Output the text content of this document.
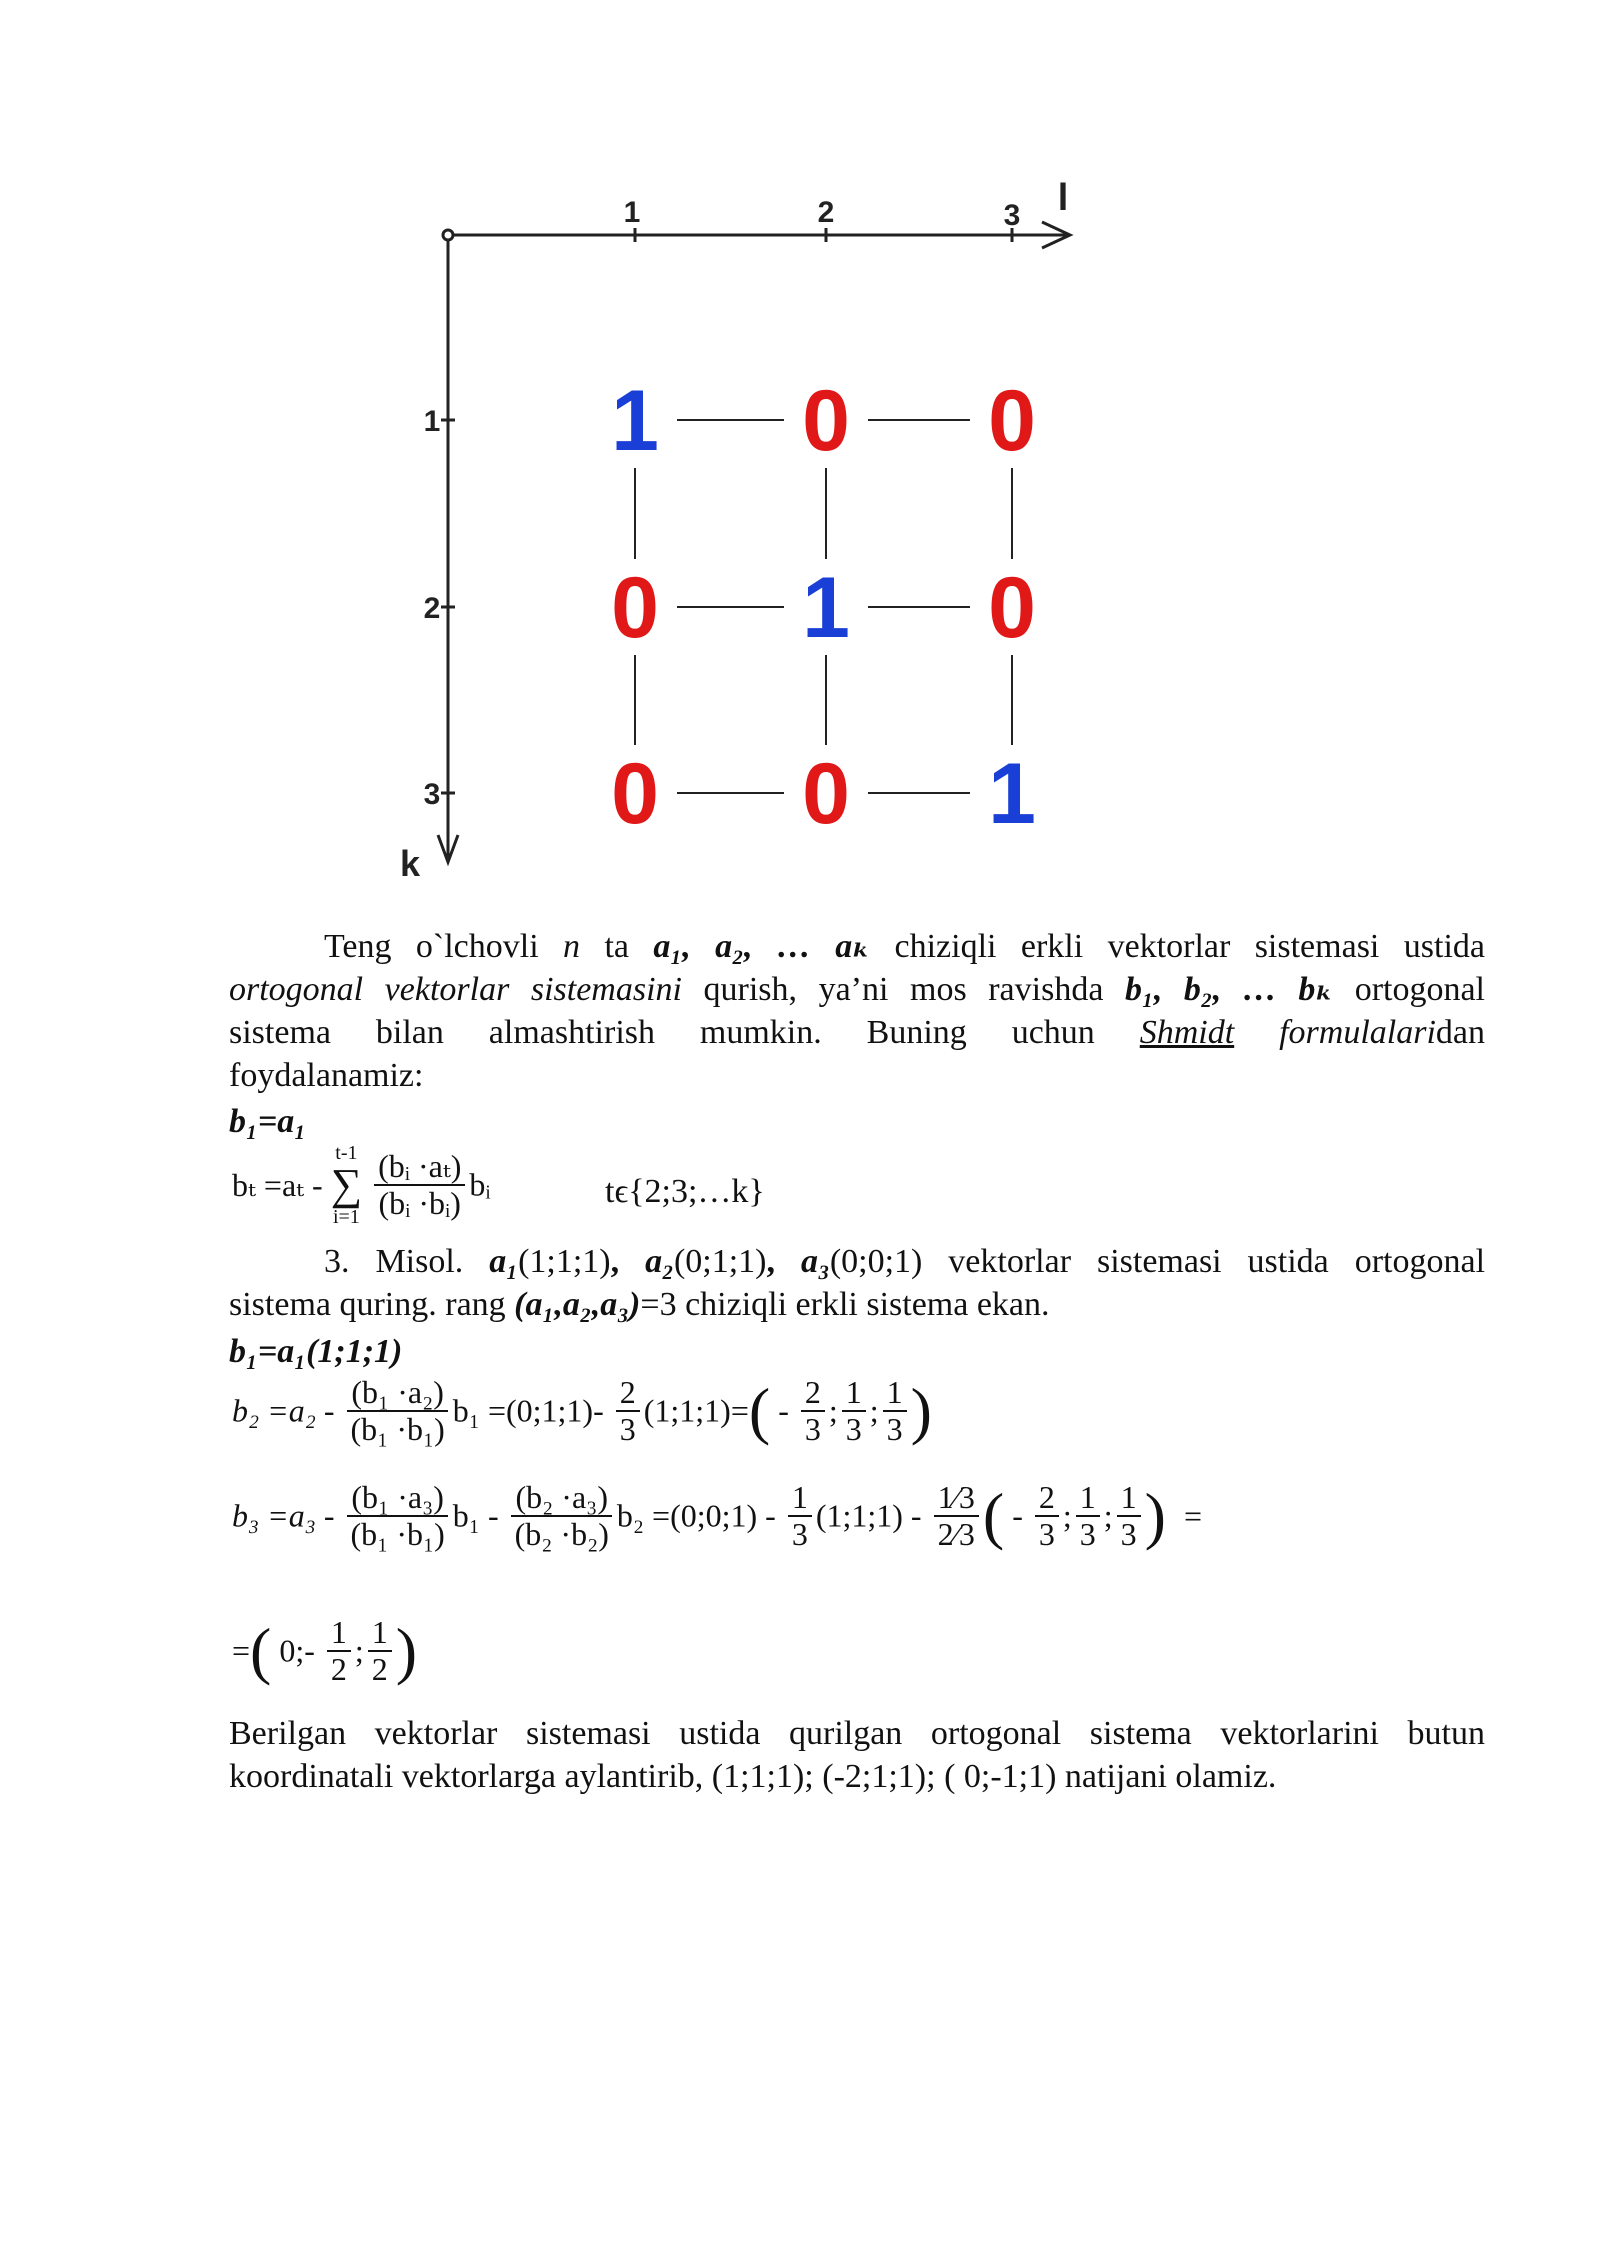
1	2	3 l
1
2
3
k
1 0 0
0 1 0
0 0 1

Teng o`lchovli n ta a₁, a₂, … aₖ chiziqli erkli vektorlar sistemasi ustida

ortogonal vektorlar sistemasini qurish, ya’ni mos ravishda b₁, b₂, … bₖ ortogonal

sistema bilan almashtirish mumkin. Buning uchun Shmidt formulalaridan

foydalanamiz:

b₁=a₁
bₜ =aₜ -
t-1
∑
i=1
$\frac{\text{(bᵢ ·aₜ)}}{\text{(bᵢ ·bᵢ)}}$ bᵢ	tϵ{2;3;…k}

3. Misol. a₁(1;1;1), a₂(0;1;1), a₃(0;0;1) vektorlar sistemasi ustida ortogonal

sistema quring. rang (a₁,a₂,a₃)=3 chiziqli erkli sistema ekan.

b₁=a₁(1;1;1)
$b_2 =a_2 - \frac{\text{(b₁ ·a₂)}}{\text{(b₁ ·b₁)}} b_1$ =(0;1;1)- $\frac{2}{3}$ (1;1;1)=( - $\frac{2}{3}$ ; $\frac{1}{3}$ ; $\frac{1}{3}$ )
$b_3 =a_3 - \frac{\text{(b₁ ·a₃)}}{\text{(b₁ ·b₁)}} b_1 - \frac{\text{(b₂ ·a₃)}}{\text{(b₂ ·b₂)}} b_2$ =(0;0;1) - $\frac{1}{3}$ (1;1;1) - $\frac{1⁄3}{2⁄3}$ ( - $\frac{2}{3}$ ; $\frac{1}{3}$ ; $\frac{1}{3}$ ) =
=( 0;- $\frac{1}{2}$ ; $\frac{1}{2}$ )

Berilgan vektorlar sistemasi ustida qurilgan ortogonal sistema vektorlarini butun

koordinatali vektorlarga aylantirib, (1;1;1); (-2;1;1); ( 0;-1;1) natijani olamiz.
